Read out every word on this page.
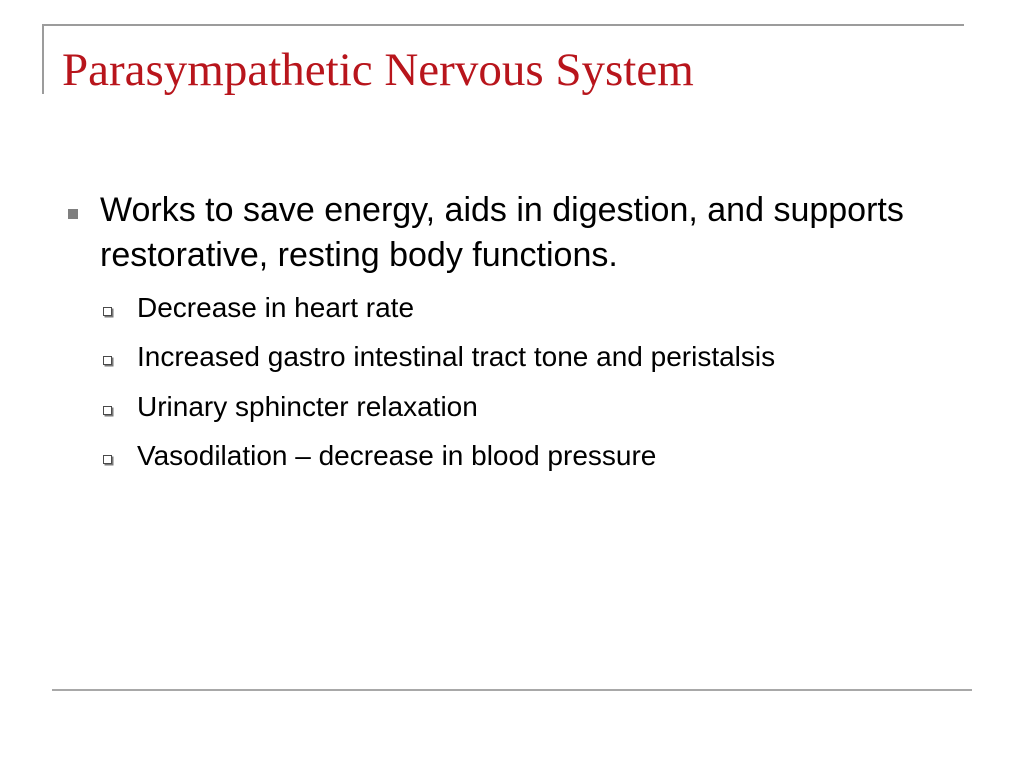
Parasympathetic Nervous System
Works to save energy, aids in digestion, and supports restorative, resting body functions.
Decrease in heart rate
Increased gastro intestinal tract tone and peristalsis
Urinary sphincter relaxation
Vasodilation – decrease in blood pressure
